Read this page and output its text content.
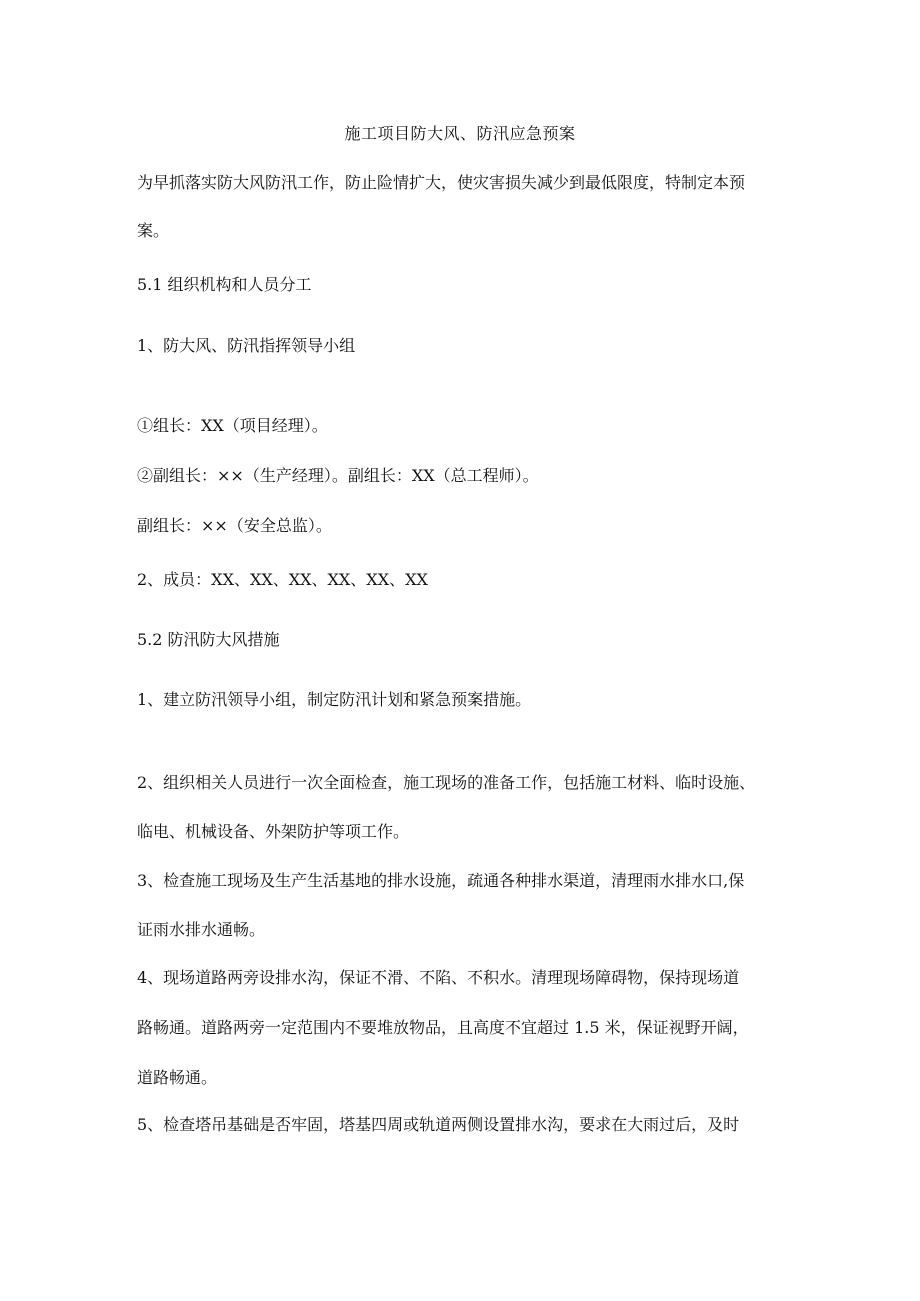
施工项目防大风、防汛应急预案
为早抓落实防大风防汛工作，防止险情扩大，使灾害损失减少到最低限度，特制定本预
案。
5.1 组织机构和人员分工
1、防大风、防汛指挥领导小组
①组长：XX（项目经理）。
②副组长：××（生产经理）。副组长：XX（总工程师）。
副组长：××（安全总监）。
2、成员：XX、XX、XX、XX、XX、XX
5.2 防汛防大风措施
1、建立防汛领导小组，制定防汛计划和紧急预案措施。
2、组织相关人员进行一次全面检查，施工现场的准备工作，包括施工材料、临时设施、
临电、机械设备、外架防护等项工作。
3、检查施工现场及生产生活基地的排水设施，疏通各种排水渠道，清理雨水排水口,保
证雨水排水通畅。
4、现场道路两旁设排水沟，保证不滑、不陷、不积水。清理现场障碍物，保持现场道
路畅通。道路两旁一定范围内不要堆放物品，且高度不宜超过 1.5 米，保证视野开阔，
道路畅通。
5、检查塔吊基础是否牢固，塔基四周或轨道两侧设置排水沟，要求在大雨过后，及时
